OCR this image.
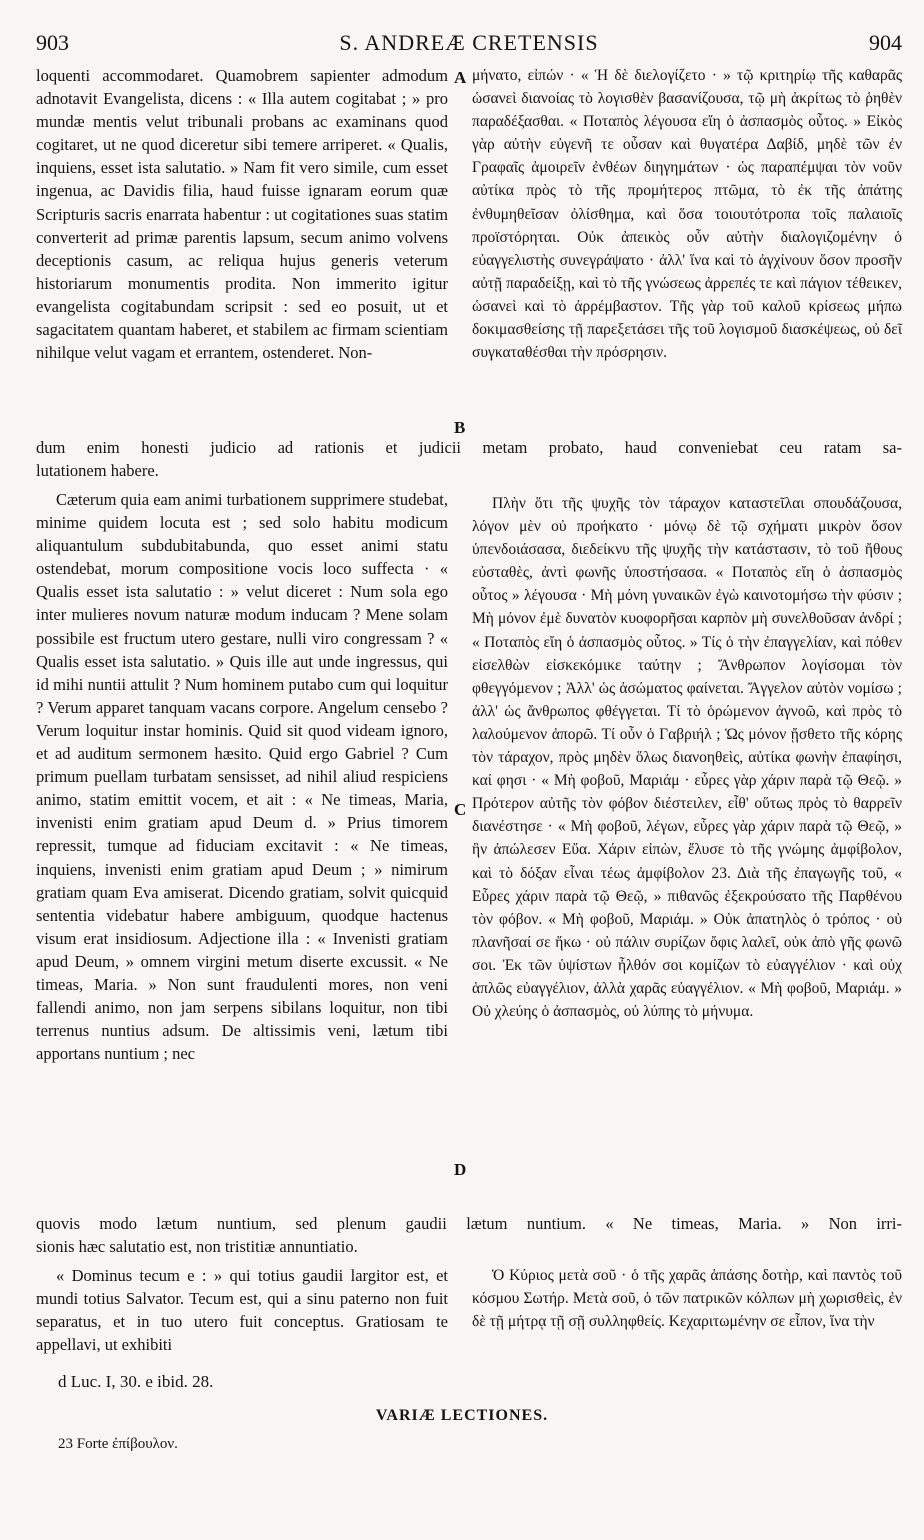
903	S. ANDREÆ CRETENSIS	904

loquenti accommodaret. Quamobrem sapienter admodum adnotavit Evangelista, dicens : « Illa autem cogitabat ; » pro mundæ mentis velut tribunali probans ac examinans quod cogitaret, ut ne quod diceretur sibi temere arriperet. « Qualis, inquiens, esset ista salutatio. » Nam fit vero simile, cum esset ingenua, ac Davidis filia, haud fuisse ignaram eorum quæ Scripturis sacris enarrata habentur : ut cogitationes suas statim converterit ad primæ parentis lapsum, secum animo volvens deceptionis casum, ac reliqua hujus generis veterum historiarum monumentis prodita. Non immerito igitur evangelista cogitabundam scripsit : sed eo posuit, ut et sagacitatem quantam haberet, et stabilem ac firmam scientiam nihilque velut vagam et errantem, ostenderet. Non-

dum enim honesti judicio ad rationis et judicii metam probato, haud conveniebat ceu ratam sa-
lutationem habere.

Cæterum quia eam animi turbationem supprimere studebat, minime quidem locuta est ; sed solo habitu modicum aliquantulum subdubitabunda, quo esset animi statu ostendebat, morum compositione vocis loco suffecta · « Qualis esset ista salutatio : » velut diceret : Num sola ego inter mulieres novum naturæ modum inducam ? Mene solam possibile est fructum utero gestare, nulli viro congressam ? « Qualis esset ista salutatio. » Quis ille aut unde ingressus, qui id mihi nuntii attulit ? Num hominem putabo cum qui loquitur ? Verum apparet tanquam vacans corpore. Angelum censebo ? Verum loquitur instar hominis. Quid sit quod videam ignoro, et ad auditum sermonem hæsito. Quid ergo Gabriel ? Cum primum puellam turbatam sensisset, ad nihil aliud respiciens animo, statim emittit vocem, et ait : « Ne timeas, Maria, invenisti enim gratiam apud Deum d. » Prius timorem repressit, tumque ad fiduciam excitavit : « Ne timeas, inquiens, invenisti enim gratiam apud Deum ; » nimirum gratiam quam Eva amiserat. Dicendo gratiam, solvit quicquid sententia videbatur habere ambiguum, quodque hactenus visum erat insidiosum. Adjectione illa : « Invenisti gratiam apud Deum, » omnem virgini metum diserte excussit. « Ne timeas, Maria. » Non sunt fraudulenti mores, non veni fallendi animo, non jam serpens sibilans loquitur, non tibi terrenus nuntius adsum. De altissimis veni, lætum tibi apportans nuntium ; nec

quovis modo lætum nuntium, sed plenum gaudii lætum nuntium. « Ne timeas, Maria. » Non irri-
sionis hæc salutatio est, non tristitiæ annuntiatio.

« Dominus tecum e : » qui totius gaudii largitor est, et mundi totius Salvator. Tecum est, qui a sinu paterno non fuit separatus, et in tuo utero fuit conceptus. Gratiosam te appellavi, ut exhibiti

μήνατο, εἰπών · « Ἡ δὲ διελογίζετο · » τῷ κριτηρίῳ τῆς καθαρᾶς ὡσανεὶ διανοίας τὸ λογισθὲν βασανίζουσα, τῷ μὴ ἀκρίτως τὸ ῥηθὲν παραδέξασθαι. « Ποταπὸς λέγουσα εἴη ὁ ἀσπασμὸς οὗτος. » Εἰκὸς γὰρ αὐτὴν εὐγενῆ τε οὖσαν καὶ θυγατέρα Δαβίδ, μηδὲ τῶν ἐν Γραφαῖς ἀμοιρεῖν ἐνθέων διηγημάτων · ὡς παραπέμψαι τὸν νοῦν αὐτίκα πρὸς τὸ τῆς προμήτερος πτῶμα, τὸ ἐκ τῆς ἀπάτης ἐνθυμηθεῖσαν ὀλίσθημα, καὶ ὅσα τοιουτότροπα τοῖς παλαιοῖς προϊστόρηται. Οὐκ ἀπεικὸς οὖν αὐτὴν διαλογιζομένην ὁ εὐαγγελιστὴς συνεγράψατο · ἀλλ' ἵνα καὶ τὸ ἀγχίνουν ὅσον προσῆν αὐτῇ παραδείξῃ, καὶ τὸ τῆς γνώσεως ἀρρεπές τε καὶ πάγιον τέθεικεν, ὡσανεὶ καὶ τὸ ἀρρέμβαστον. Τῆς γὰρ τοῦ καλοῦ κρίσεως μήπω δοκιμασθείσης τῇ παρεξετάσει τῆς τοῦ λογισμοῦ διασκέψεως, οὐ δεῖ συγκαταθέσθαι τὴν πρόσρησιν.

Πλὴν ὅτι τῆς ψυχῆς τὸν τάραχον καταστεῖλαι σπουδάζουσα, λόγον μὲν οὐ προήκατο · μόνῳ δὲ τῷ σχήματι μικρὸν ὅσον ὑπενδοιάσασα, διεδείκνυ τῆς ψυχῆς τὴν κατάστασιν, τὸ τοῦ ἤθους εὐσταθὲς, ἀντὶ φωνῆς ὑποστήσασα. « Ποταπὸς εἴη ὁ ἀσπασμὸς οὗτος » λέγουσα · Μὴ μόνη γυναικῶν ἐγὼ καινοτομήσω τὴν φύσιν ; Μὴ μόνον ἐμὲ δυνατὸν κυοφορῆσαι καρπὸν μὴ συνελθοῦσαν ἀνδρί ; « Ποταπὸς εἴη ὁ ἀσπασμὸς οὗτος. » Τίς ὁ τὴν ἐπαγγελίαν, καὶ πόθεν εἰσελθὼν εἰσκεκόμικε ταύτην ; Ἄνθρωπον λογίσομαι τὸν φθεγγόμενον ; Ἀλλ' ὡς ἀσώματος φαίνεται. Ἄγγελον αὐτὸν νομίσω ; ἀλλ' ὡς ἄνθρωπος φθέγγεται. Τί τὸ ὁρώμενον ἀγνοῶ, καὶ πρὸς τὸ λαλούμενον ἀπορῶ. Τί οὖν ὁ Γαβριήλ ; Ὡς μόνον ᾔσθετο τῆς κόρης τὸν τάραχον, πρὸς μηδὲν ὅλως διανοηθεὶς, αὐτίκα φωνὴν ἐπαφίησι, καί φησι · « Μὴ φοβοῦ, Μαριάμ · εὗρες γὰρ χάριν παρὰ τῷ Θεῷ. » Πρότερον αὐτῆς τὸν φόβον διέστειλεν, εἶθ' οὕτως πρὸς τὸ θαρρεῖν διανέστησε · « Μὴ φοβοῦ, λέγων, εὗρες γὰρ χάριν παρὰ τῷ Θεῷ, » ἣν ἀπώλεσεν Εὔα. Χάριν εἰπὼν, ἔλυσε τὸ τῆς γνώμης ἀμφίβολον, καὶ τὸ δόξαν εἶναι τέως ἀμφίβολον 23. Διὰ τῆς ἐπαγωγῆς τοῦ, « Εὗρες χάριν παρὰ τῷ Θεῷ, » πιθανῶς ἐξεκρούσατο τῆς Παρθένου τὸν φόβον. « Μὴ φοβοῦ, Μαριάμ. » Οὐκ ἀπατηλὸς ὁ τρόπος · οὐ πλανῆσαί σε ἥκω · οὐ πάλιν συρίζων ὄφις λαλεῖ, οὐκ ἀπὸ γῆς φωνῶ σοι. Ἐκ τῶν ὑψίστων ἦλθόν σοι κομίζων τὸ εὐαγγέλιον · καὶ οὐχ ἁπλῶς εὐαγγέλιον, ἀλλὰ χαρᾶς εὐαγγέλιον. « Μὴ φοβοῦ, Μαριάμ. » Οὐ χλεύης ὁ ἀσπασμὸς, οὐ λύπης τὸ μήνυμα.

Ὁ Κύριος μετὰ σοῦ · ὁ τῆς χαρᾶς ἁπάσης δοτὴρ, καὶ παντὸς τοῦ κόσμου Σωτήρ. Μετὰ σοῦ, ὁ τῶν πατρικῶν κόλπων μὴ χωρισθεὶς, ἐν δὲ τῇ μήτρᾳ τῇ σῇ συλληφθείς. Κεχαριτωμένην σε εἶπον, ἵνα τὴν

A
B
C
D
d Luc. I, 30. e ibid. 28.
VARIÆ LECTIONES.
23 Forte ἐπίβουλον.
